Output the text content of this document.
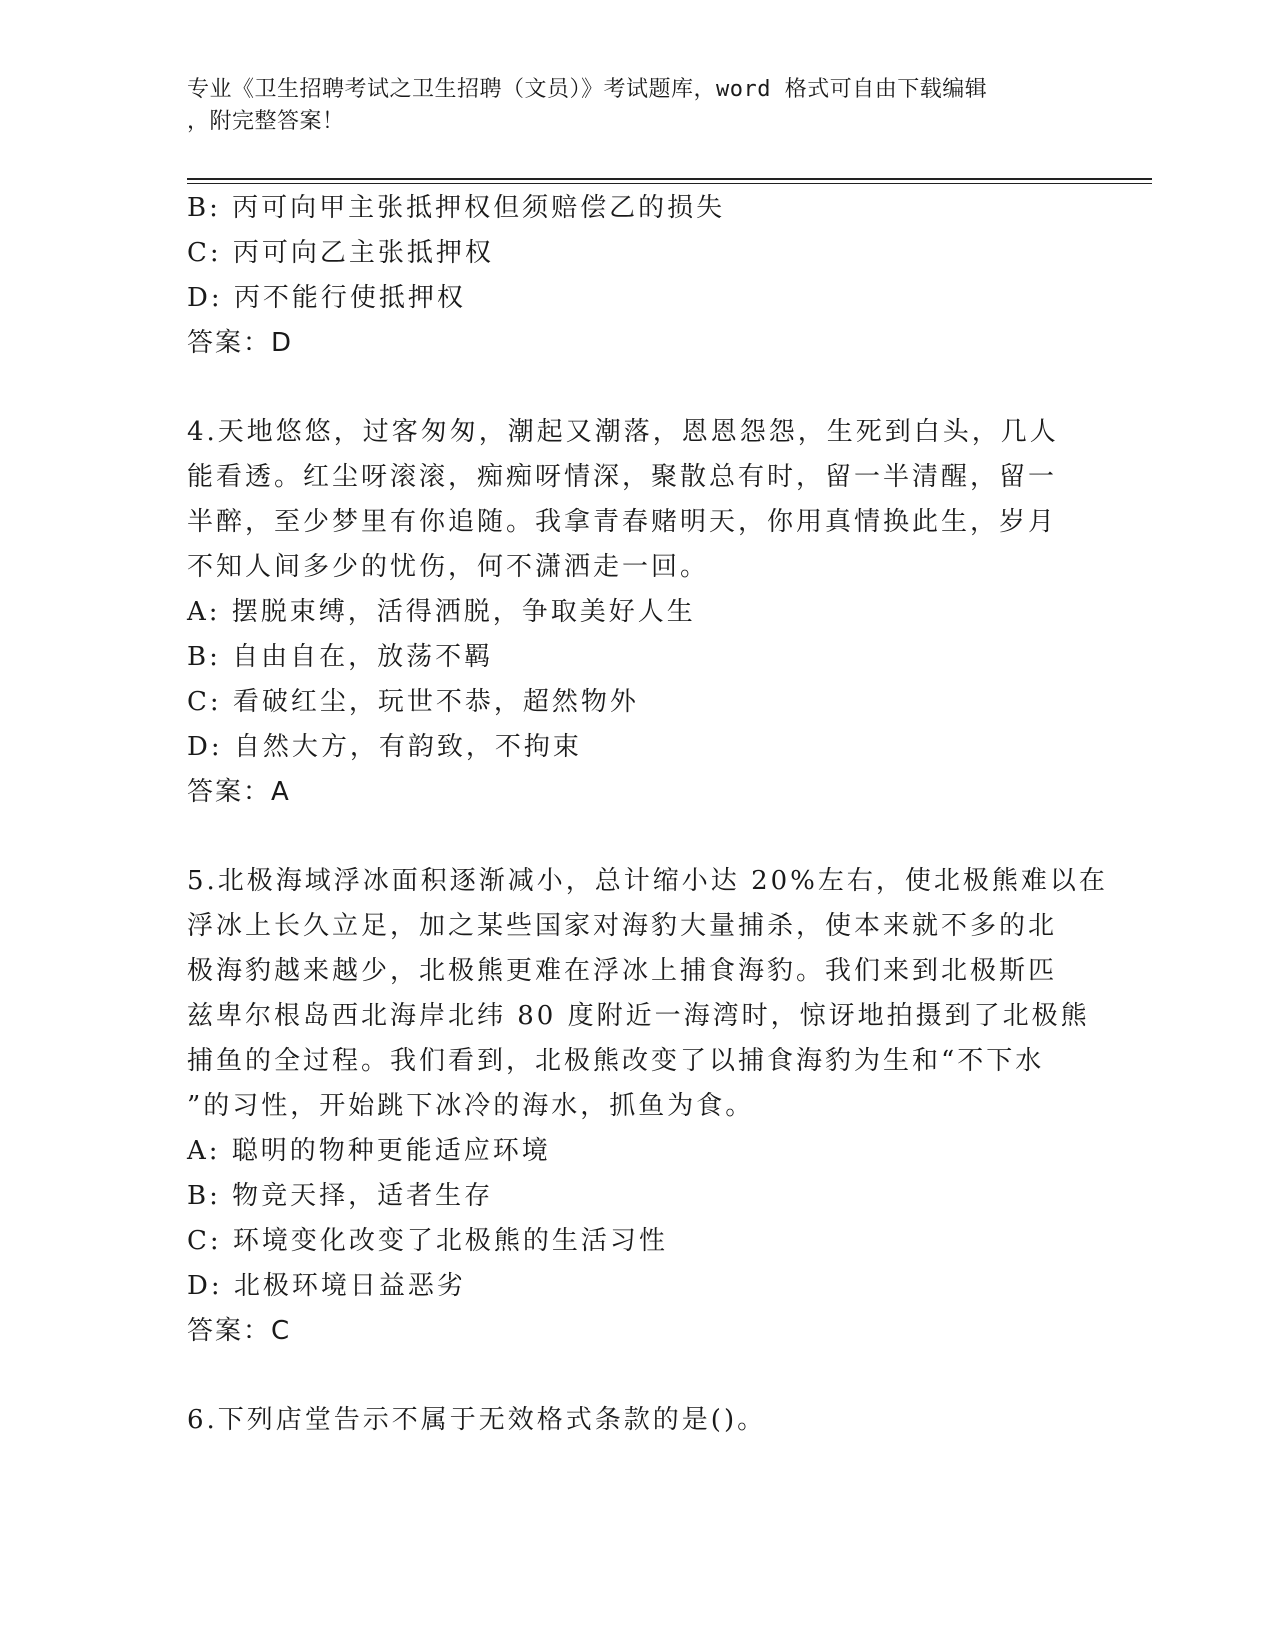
专业《卫生招聘考试之卫生招聘（文员）》考试题库，word 格式可自由下载编辑
，附完整答案！
B: 丙可向甲主张抵押权但须赔偿乙的损失
C: 丙可向乙主张抵押权
D: 丙不能行使抵押权
答案：D
4.天地悠悠，过客匆匆，潮起又潮落，恩恩怨怨，生死到白头，几人
能看透。红尘呀滚滚，痴痴呀情深，聚散总有时，留一半清醒，留一
半醉，至少梦里有你追随。我拿青春赌明天，你用真情换此生，岁月
不知人间多少的忧伤，何不潇洒走一回。
A: 摆脱束缚，活得洒脱，争取美好人生
B: 自由自在，放荡不羁
C: 看破红尘，玩世不恭，超然物外
D: 自然大方，有韵致，不拘束
答案：A
5.北极海域浮冰面积逐渐减小，总计缩小达 20%左右，使北极熊难以在
浮冰上长久立足，加之某些国家对海豹大量捕杀，使本来就不多的北
极海豹越来越少，北极熊更难在浮冰上捕食海豹。我们来到北极斯匹
兹卑尔根岛西北海岸北纬 80 度附近一海湾时，惊讶地拍摄到了北极熊
捕鱼的全过程。我们看到，北极熊改变了以捕食海豹为生和“不下水
”的习性，开始跳下冰冷的海水，抓鱼为食。
A: 聪明的物种更能适应环境
B: 物竞天择，适者生存
C: 环境变化改变了北极熊的生活习性
D: 北极环境日益恶劣
答案：C
6.下列店堂告示不属于无效格式条款的是()。
